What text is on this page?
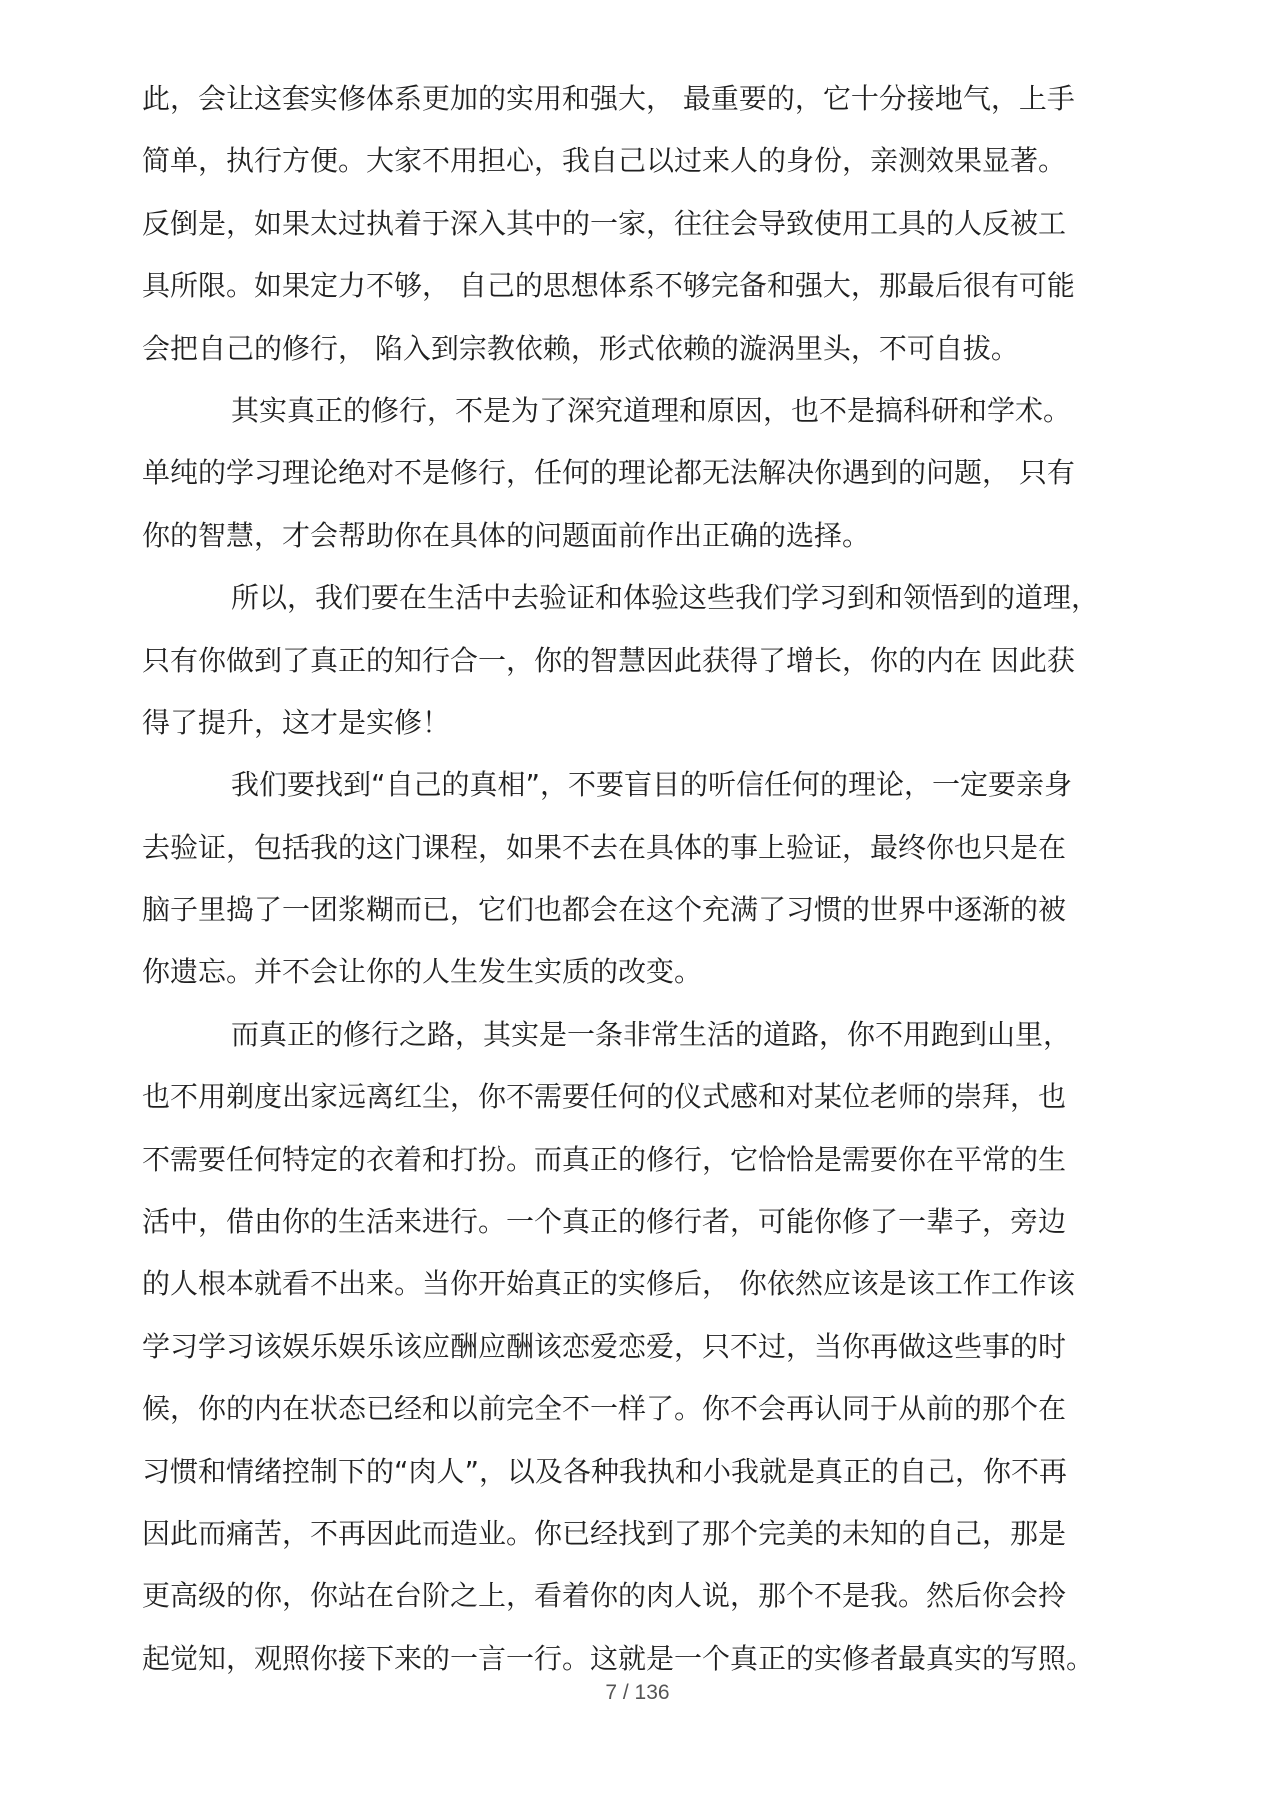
此，会让这套实修体系更加的实用和强大， 最重要的，它十分接地气，上手
简单，执行方便。大家不用担心，我自己以过来人的身份，亲测效果显著。
反倒是，如果太过执着于深入其中的一家，往往会导致使用工具的人反被工
具所限。如果定力不够， 自己的思想体系不够完备和强大，那最后很有可能
会把自己的修行， 陷入到宗教依赖，形式依赖的漩涡里头，不可自拔。
其实真正的修行，不是为了深究道理和原因，也不是搞科研和学术。
单纯的学习理论绝对不是修行，任何的理论都无法解决你遇到的问题， 只有
你的智慧，才会帮助你在具体的问题面前作出正确的选择。
所以，我们要在生活中去验证和体验这些我们学习到和领悟到的道理，
只有你做到了真正的知行合一，你的智慧因此获得了增长，你的内在 因此获
得了提升，这才是实修！
我们要找到“自己的真相”，不要盲目的听信任何的理论，一定要亲身
去验证，包括我的这门课程，如果不去在具体的事上验证，最终你也只是在
脑子里捣了一团浆糊而已，它们也都会在这个充满了习惯的世界中逐渐的被
你遗忘。并不会让你的人生发生实质的改变。
而真正的修行之路，其实是一条非常生活的道路，你不用跑到山里，
也不用剃度出家远离红尘，你不需要任何的仪式感和对某位老师的崇拜，也
不需要任何特定的衣着和打扮。而真正的修行，它恰恰是需要你在平常的生
活中，借由你的生活来进行。一个真正的修行者，可能你修了一辈子，旁边
的人根本就看不出来。当你开始真正的实修后， 你依然应该是该工作工作该
学习学习该娱乐娱乐该应酬应酬该恋爱恋爱，只不过，当你再做这些事的时
候，你的内在状态已经和以前完全不一样了。你不会再认同于从前的那个在
习惯和情绪控制下的“肉人”，以及各种我执和小我就是真正的自己，你不再
因此而痛苦，不再因此而造业。你已经找到了那个完美的未知的自己，那是
更高级的你，你站在台阶之上，看着你的肉人说，那个不是我。然后你会拎
起觉知，观照你接下来的一言一行。这就是一个真正的实修者最真实的写照。
7 / 136
